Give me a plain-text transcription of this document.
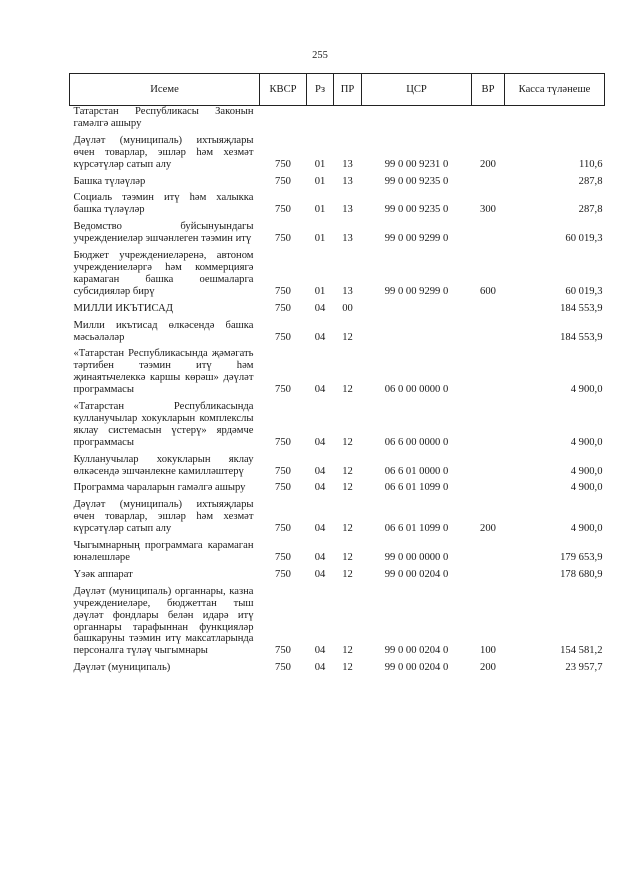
255
Исеме	КВСР	Рз	ПР	ЦСР	ВР	Касса түләнеше
Татарстан Республикасы Законын гамәлгә ашыру						
Дәүләт (муниципаль) ихтыяҗлары өчен товарлар, эшләр һәм хезмәт күрсәтүләр сатып алу	750	01	13	99 0 00 9231 0	200	110,6
Башка түләүләр	750	01	13	99 0 00 9235 0		287,8
Социаль тәэмин итү һәм халыкка башка түләүләр	750	01	13	99 0 00 9235 0	300	287,8
Ведомство буйсынуындагы учреждениеләр эшчәнлеген тәэмин итү	750	01	13	99 0 00 9299 0		60 019,3
Бюджет учреждениеләренә, автоном учреждениеләргә һәм коммерциягә карамаган башка оешмаларга субсидияләр бирү	750	01	13	99 0 00 9299 0	600	60 019,3
МИЛЛИ ИКЪТИСАД	750	04	00			184 553,9
Милли икътисад өлкәсендә башка мәсьәләләр	750	04	12			184 553,9
«Татарстан Республикасында җәмәгать тәртибен тәэмин итү һәм җинаятьчелеккә каршы көрәш» дәүләт программасы	750	04	12	06 0 00 0000 0		4 900,0
«Татарстан Республикасында кулланучылар хокукларын комплекслы яклау системасын үстерү» ярдәмче программасы	750	04	12	06 6 00 0000 0		4 900,0
Кулланучылар хокукларын яклау өлкәсендә эшчәнлекне камилләштерү	750	04	12	06 6 01 0000 0		4 900,0
Программа чараларын гамәлгә ашыру	750	04	12	06 6 01 1099 0		4 900,0
Дәүләт (муниципаль) ихтыяҗлары өчен товарлар, эшләр һәм хезмәт күрсәтүләр сатып алу	750	04	12	06 6 01 1099 0	200	4 900,0
Чыгымнарның программага карамаган юнәлешләре	750	04	12	99 0 00 0000 0		179 653,9
Үзәк аппарат	750	04	12	99 0 00 0204 0		178 680,9
Дәүләт (муниципаль) органнары, казна учреждениеләре, бюджеттан тыш дәүләт фондлары белән идарә итү органнары тарафыннан функцияләр башкаруны тәэмин итү максатларында персоналга түләү чыгымнары	750	04	12	99 0 00 0204 0	100	154 581,2
Дәүләт (муниципаль)	750	04	12	99 0 00 0204 0	200	23 957,7
